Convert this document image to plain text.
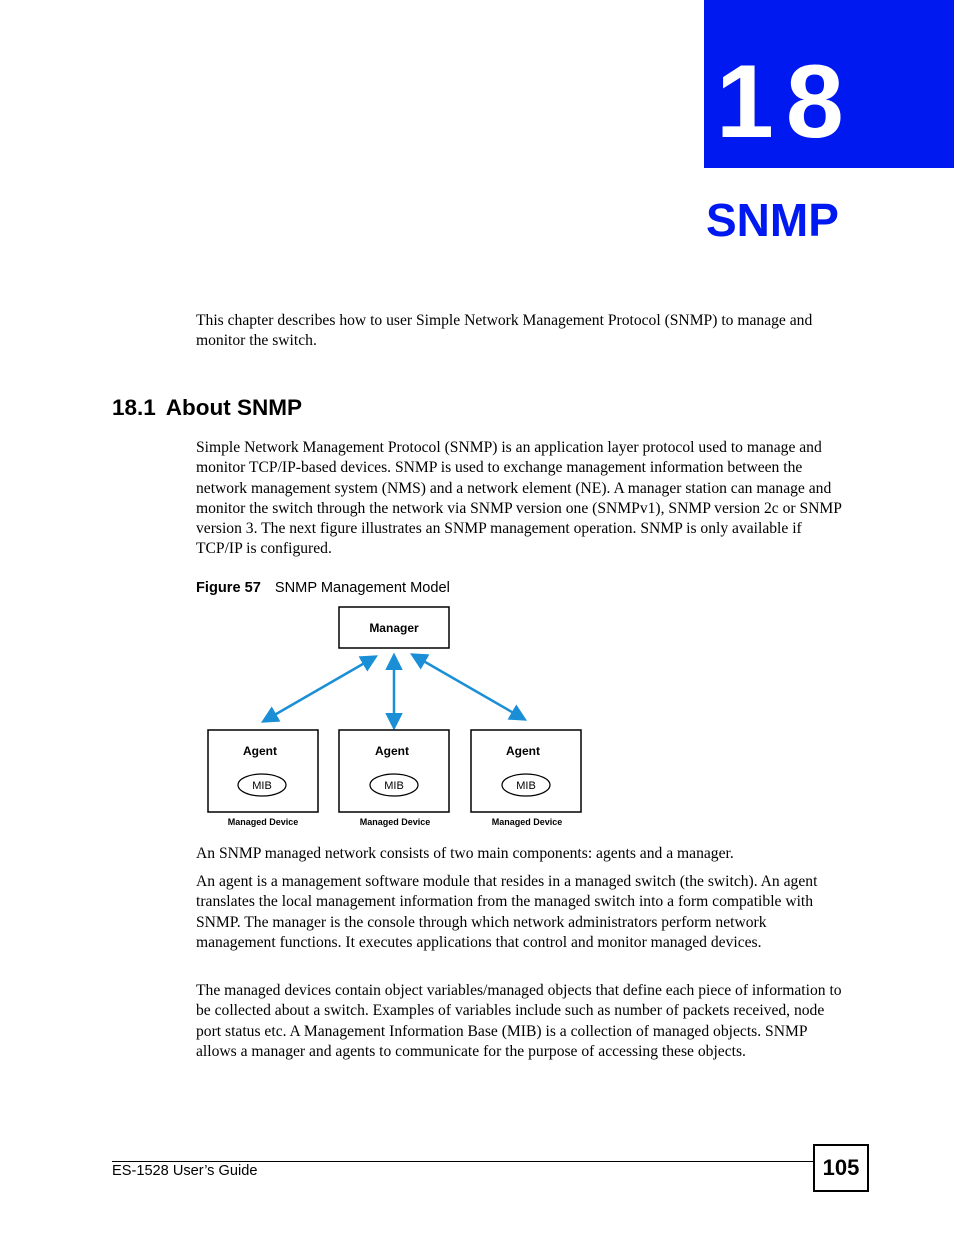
18
SNMP

This chapter describes how to user Simple Network Management Protocol (SNMP) to manage and monitor the switch.

18.1 About SNMP

Simple Network Management Protocol (SNMP) is an application layer protocol used to manage and monitor TCP/IP-based devices. SNMP is used to exchange management information between the network management system (NMS) and a network element (NE). A manager station can manage and monitor the switch through the network via SNMP version one (SNMPv1), SNMP version 2c or SNMP version 3. The next figure illustrates an SNMP management operation. SNMP is only available if TCP/IP is configured.

Figure 57 SNMP Management Model
Manager
Agent
MIB
Managed Device
Agent
MIB
Managed Device
Agent
MIB
Managed Device

An SNMP managed network consists of two main components: agents and a manager.

An agent is a management software module that resides in a managed switch (the switch). An agent translates the local management information from the managed switch into a form compatible with SNMP. The manager is the console through which network administrators perform network management functions. It executes applications that control and monitor managed devices.

The managed devices contain object variables/managed objects that define each piece of information to be collected about a switch. Examples of variables include such as number of packets received, node port status etc. A Management Information Base (MIB) is a collection of managed objects. SNMP allows a manager and agents to communicate for the purpose of accessing these objects.

ES-1528 User’s Guide	105
